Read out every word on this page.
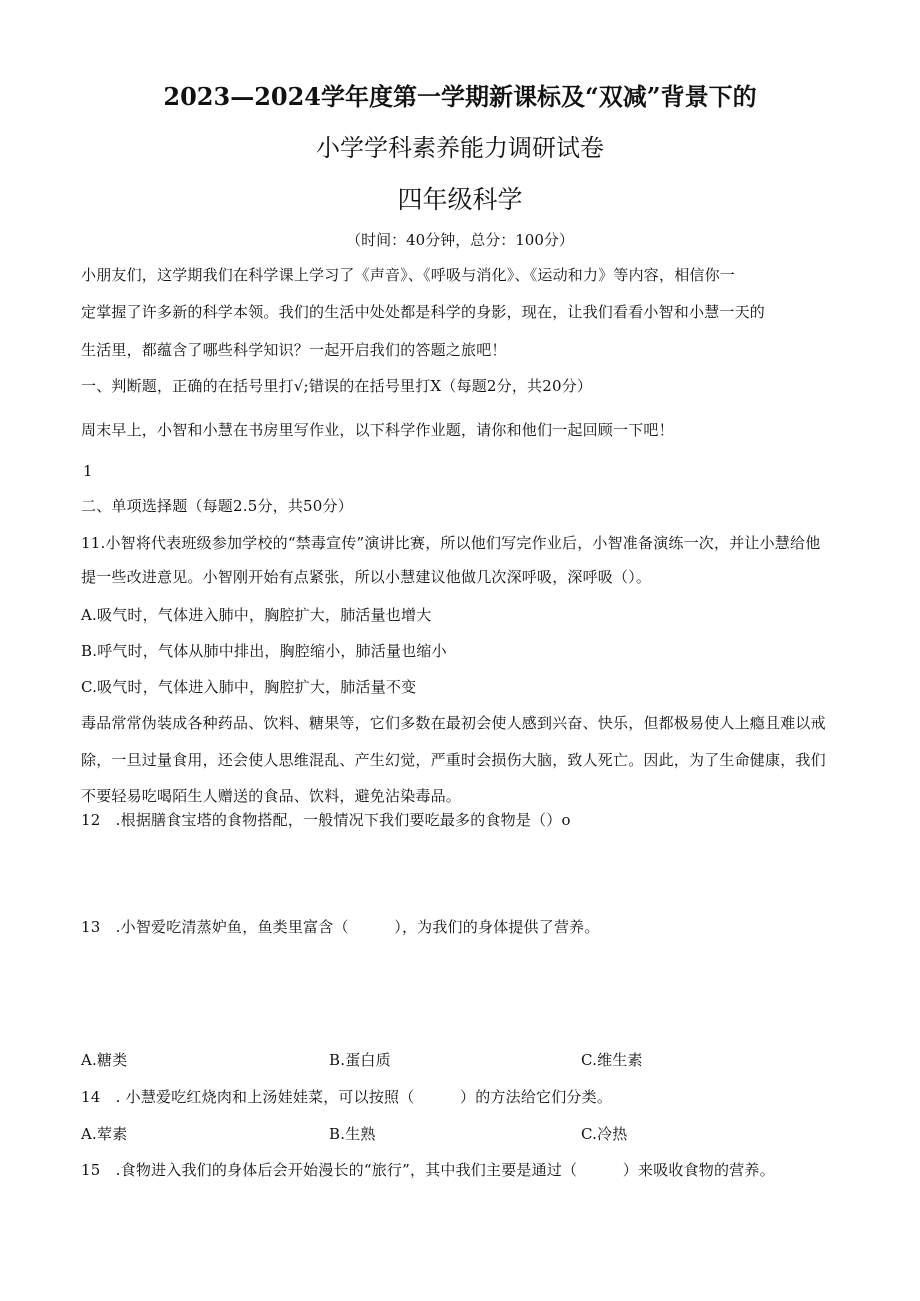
2023—2024学年度第一学期新课标及“双减”背景下的
小学学科素养能力调研试卷
四年级科学
（时间：40分钟，总分：100分）
小朋友们，这学期我们在科学课上学习了《声音》、《呼吸与消化》、《运动和力》等内容，相信你一
定掌握了许多新的科学本领。我们的生活中处处都是科学的身影，现在，让我们看看小智和小慧一天的
生活里，都蕴含了哪些科学知识？一起开启我们的答题之旅吧！
一、判断题，正确的在括号里打√;错误的在括号里打X（每题2分，共20分）
周末早上，小智和小慧在书房里写作业，以下科学作业题，请你和他们一起回顾一下吧！
1
二、单项选择题（每题2.5分，共50分）
11.小智将代表班级参加学校的“禁毒宣传”演讲比赛，所以他们写完作业后，小智准备演练一次，并让小慧给他
提一些改进意见。小智刚开始有点紧张，所以小慧建议他做几次深呼吸，深呼吸（）。
A.吸气时，气体进入肺中，胸腔扩大，肺活量也增大
B.呼气时，气体从肺中排出，胸腔缩小，肺活量也缩小
C.吸气时，气体进入肺中，胸腔扩大，肺活量不变
毒品常常伪装成各种药品、饮料、糖果等，它们多数在最初会使人感到兴奋、快乐，但都极易使人上瘾且难以戒
除，一旦过量食用，还会使人思维混乱、产生幻觉，严重时会损伤大脑，致人死亡。因此，为了生命健康，我们
不要轻易吃喝陌生人赠送的食品、饮料，避免沾染毒品。
12　.根据膳食宝塔的食物搭配，一般情况下我们要吃最多的食物是（）o
13　.小智爱吃清蒸妒鱼，鱼类里富含（　　　），为我们的身体提供了营养。
A.糖类	B.蛋白质	C.维生素
14　. 小慧爱吃红烧肉和上汤娃娃菜，可以按照（　　　）的方法给它们分类。
A.荤素	B.生熟	C.冷热
15　.食物进入我们的身体后会开始漫长的“旅行”，其中我们主要是通过（　　　）来吸收食物的营养。
